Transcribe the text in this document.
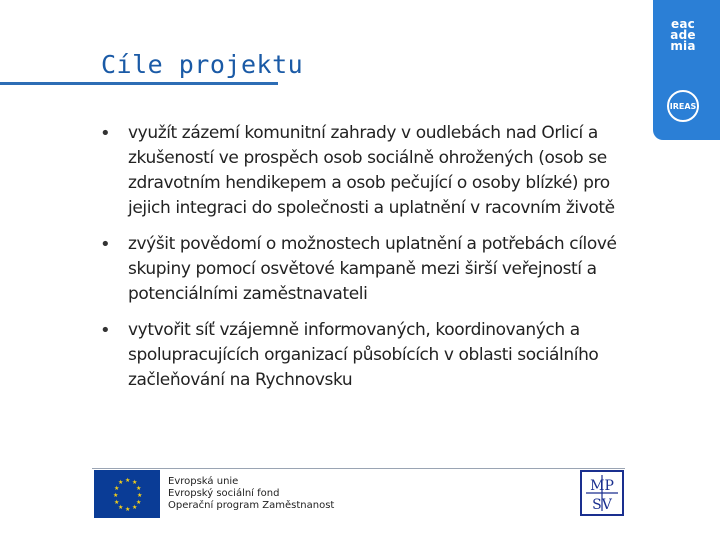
Cíle projektu
eac
ade
mia
IREAS
• využít zázemí komunitní zahrady v oudlebách nad Orlicí a zkušeností ve prospěch osob sociálně ohrožených (osob se zdravotním hendikepem a osob pečující o osoby blízké) pro jejich integraci do společnosti a uplatnění v racovním životě
• zvýšit povědomí o možnostech uplatnění a potřebách cílové skupiny pomocí osvětové kampaně mezi širší veřejností a potenciálními zaměstnavateli
• vytvořit síť vzájemně informovaných, koordinovaných a spolupracujících organizací působících v oblasti sociálního začleňování na Rychnovsku
★ ★
★
★
★
★
★
★
★
★
★
★	Evropská unie
Evropský sociální fond
Operační program Zaměstnanost
MP
SV
